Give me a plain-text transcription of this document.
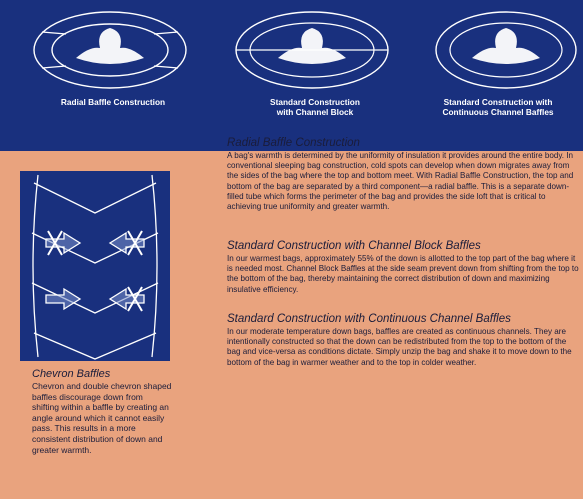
Radial Baffle Construction	Standard Construction
with Channel Block
Standard Construction with
Continuous Channel Baffles
Chevron Baffles

Chevron and double chevron shaped baffles discourage down from shifting within a baffle by creating an angle around which it cannot easily pass. This results in a more consistent distribution of down and greater warmth.

Radial Baffle Construction

A bag's warmth is determined by the uniformity of insulation it provides around the entire body. In conventional sleeping bag construction, cold spots can develop when down migrates away from the sides of the bag where the top and bottom meet. With Radial Baffle Construction, the top and bottom of the bag are separated by a third component—a radial baffle. This is a separate down-filled tube which forms the perimeter of the bag and provides the side loft that is critical to achieving true uniformity and greater warmth.

Standard Construction with Channel Block Baffles

In our warmest bags, approximately 55% of the down is allotted to the top part of the bag where it is needed most. Channel Block Baffles at the side seam prevent down from shifting from the top to the bottom of the bag, thereby maintaining the correct distribution of down and maximizing insulative efficiency.

Standard Construction with Continuous Channel Baffles

In our moderate temperature down bags, baffles are created as continuous channels. They are intentionally constructed so that the down can be redistributed from the top to the bottom of the bag and vice-versa as conditions dictate. Simply unzip the bag and shake it to move down to the bottom of the bag in warmer weather and to the top in colder weather.
